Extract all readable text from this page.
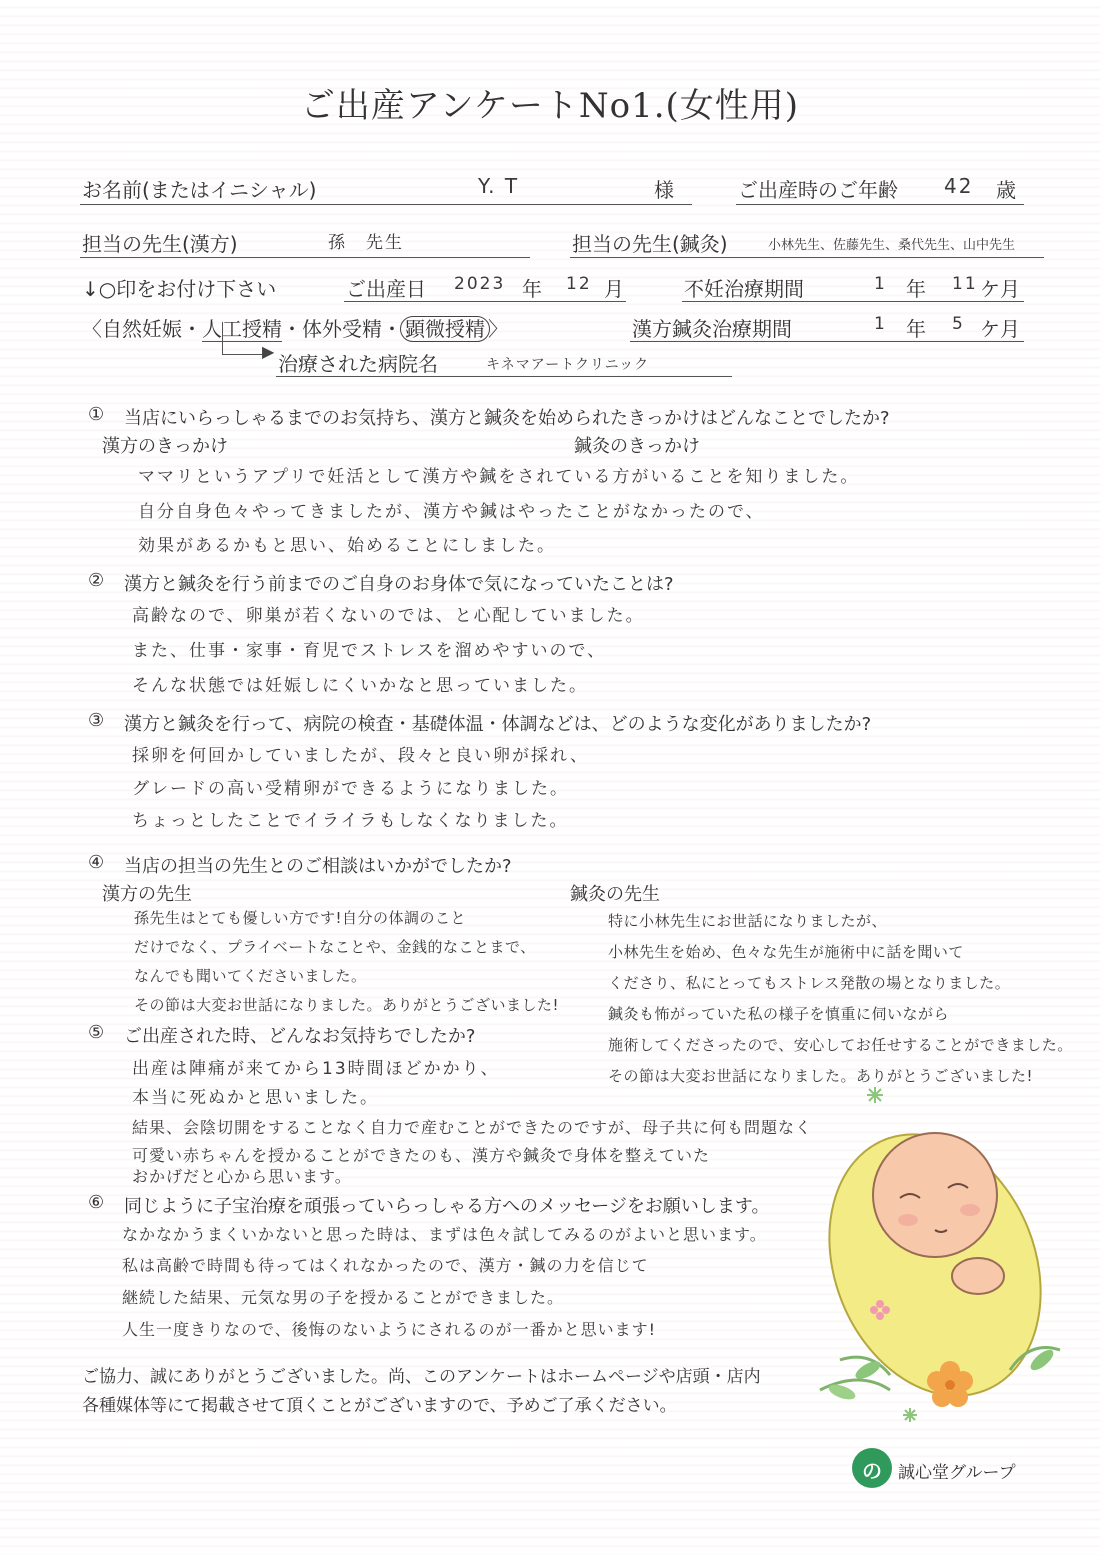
ご出産アンケートNo1.(女性用)
お名前(またはイニシャル)	Y. T	様	ご出産時のご年齢 42 歳
担当の先生(漢方)	孫　先生	担当の先生(鍼灸)	小林先生、佐藤先生、桑代先生、山中先生
↓○印をお付け下さい	ご出産日 2023 年 12 月	不妊治療期間	1 年 11 ケ月
〈自然妊娠・人工授精・体外受精・ 顕微授精 〉	漢方鍼灸治療期間	1 年 5 ケ月
▶
治療された病院名	キネマアートクリニック
① 当店にいらっしゃるまでのお気持ち、漢方と鍼灸を始められたきっかけはどんなことでしたか?
漢方のきっかけ	鍼灸のきっかけ
ママリというアプリで妊活として漢方や鍼をされている方がいることを知りました。
自分自身色々やってきましたが、漢方や鍼はやったことがなかったので、
効果があるかもと思い、始めることにしました。
② 漢方と鍼灸を行う前までのご自身のお身体で気になっていたことは?
高齢なので、卵巣が若くないのでは、と心配していました。
また、仕事・家事・育児でストレスを溜めやすいので、
そんな状態では妊娠しにくいかなと思っていました。
③ 漢方と鍼灸を行って、病院の検査・基礎体温・体調などは、どのような変化がありましたか?
採卵を何回かしていましたが、段々と良い卵が採れ、
グレードの高い受精卵ができるようになりました。
ちょっとしたことでイライラもしなくなりました。
④ 当店の担当の先生とのご相談はいかがでしたか?
漢方の先生	鍼灸の先生
孫先生はとても優しい方です!自分の体調のこと
だけでなく、プライベートなことや、金銭的なことまで、
なんでも聞いてくださいました。
その節は大変お世話になりました。ありがとうございました!
特に小林先生にお世話になりましたが、
小林先生を始め、色々な先生が施術中に話を聞いて
くださり、私にとってもストレス発散の場となりました。
鍼灸も怖がっていた私の様子を慎重に伺いながら
施術してくださったので、安心してお任せすることができました。
その節は大変お世話になりました。ありがとうございました!
⑤ ご出産された時、どんなお気持ちでしたか?
出産は陣痛が来てから13時間ほどかかり、
本当に死ぬかと思いました。
結果、会陰切開をすることなく自力で産むことができたのですが、母子共に何も問題なく
可愛い赤ちゃんを授かることができたのも、漢方や鍼灸で身体を整えていた
おかげだと心から思います。
⑥ 同じように子宝治療を頑張っていらっしゃる方へのメッセージをお願いします。
なかなかうまくいかないと思った時は、まずは色々試してみるのがよいと思います。
私は高齢で時間も待ってはくれなかったので、漢方・鍼の力を信じて
継続した結果、元気な男の子を授かることができました。
人生一度きりなので、後悔のないようにされるのが一番かと思います!
ご協力、誠にありがとうございました。尚、このアンケートはホームページや店頭・店内
各種媒体等にて掲載させて頂くことがございますので、予めご了承ください。
の 誠心堂グループ
